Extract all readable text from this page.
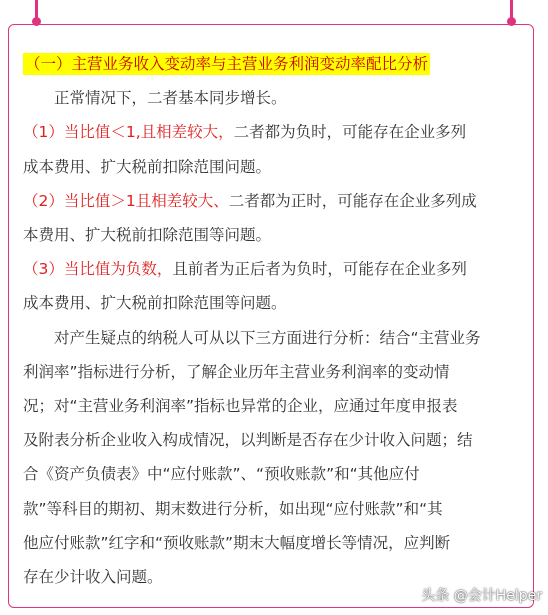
（一）主营业务收入变动率与主营业务利润变动率配比分析
正常情况下，二者基本同步增长。
（1）当比值＜1,且相差较大，二者都为负时，可能存在企业多列
成本费用、扩大税前扣除范围问题。
（2）当比值＞1且相差较大、二者都为正时，可能存在企业多列成
本费用、扩大税前扣除范围等问题。
（3）当比值为负数，且前者为正后者为负时，可能存在企业多列
成本费用、扩大税前扣除范围等问题。
对产生疑点的纳税人可从以下三方面进行分析：结合“主营业务
利润率”指标进行分析，了解企业历年主营业务利润率的变动情
况；对“主营业务利润率”指标也异常的企业，应通过年度申报表
及附表分析企业收入构成情况，以判断是否存在少计收入问题；结
合《资产负债表》中“应付账款”、“预收账款”和“其他应付
款”等科目的期初、期末数进行分析，如出现“应付账款”和“其
他应付账款”红字和“预收账款”期末大幅度增长等情况，应判断
存在少计收入问题。
头条 @会计Helper
